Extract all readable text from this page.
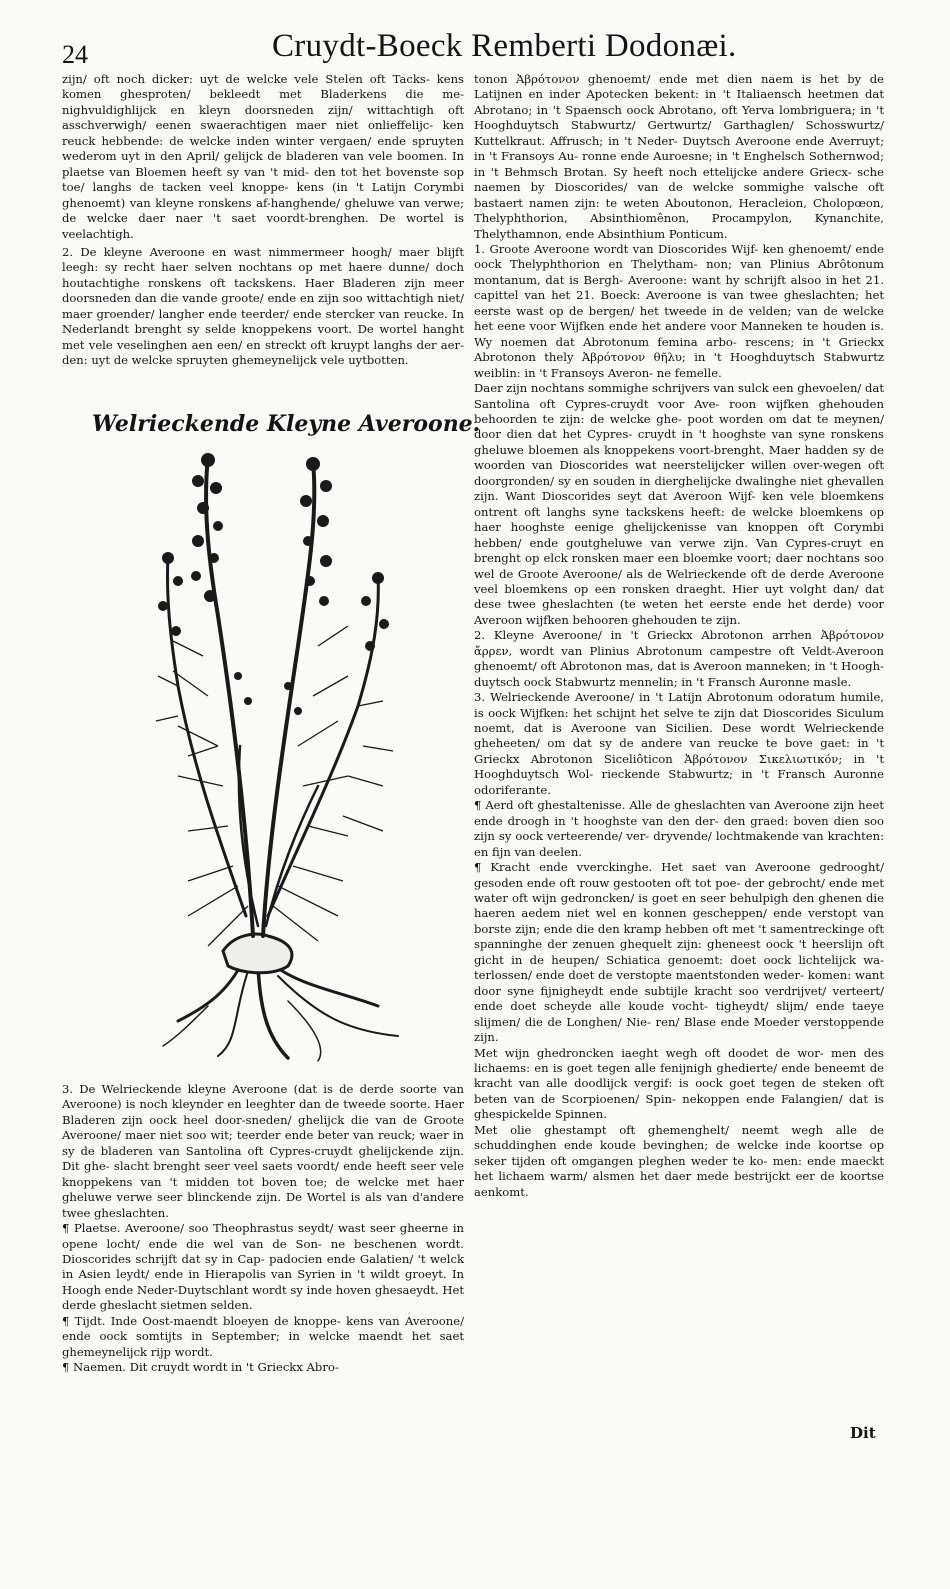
24	Cruydt-Boeck Remberti Dodonæi.

zijn/ oft noch dicker: uyt de welcke vele Stelen oft Tacks- kens komen ghesproten/ bekleedt met Bladerkens die me- nighvuldighlijck en kleyn doorsneden zijn/ wittachtigh oft asschverwigh/ eenen swaerachtigen maer niet onlieffelijc- ken reuck hebbende: de welcke inden winter vergaen/ ende spruyten wederom uyt in den April/ gelijck de bladeren van vele boomen. In plaetse van Bloemen heeft sy van 't mid- den tot het bovenste sop toe/ langhs de tacken veel knoppe- kens (in 't Latijn Corymbi ghenoemt) van kleyne ronskens af-hanghende/ gheluwe van verwe; de welcke daer naer 't saet voordt-brenghen. De wortel is veelachtigh.

2. De kleyne Averoone en wast nimmermeer hoogh/ maer blijft leegh: sy recht haer selven nochtans op met haere dunne/ doch houtachtighe ronskens oft tackskens. Haer Bladeren zijn meer doorsneden dan die vande groote/ ende en zijn soo wittachtigh niet/ maer groender/ langher ende teerder/ ende stercker van reucke. In Nederlandt brenght sy selde knoppekens voort. De wortel hanght met vele veselinghen aen een/ en streckt oft kruypt langhs der aer- den: uyt de welcke spruyten ghemeynelijck vele uytbotten.

Welrieckende Kleyne Averoone.

3. De Welrieckende kleyne Averoone (dat is de derde soorte van Averoone) is noch kleynder en leeghter dan de tweede soorte. Haer Bladeren zijn oock heel door-sneden/ ghelijck die van de Groote Averoone/ maer niet soo wit; teerder ende beter van reuck; waer in sy de bladeren van Santolina oft Cypres-cruydt ghelijckende zijn. Dit ghe- slacht brenght seer veel saets voordt/ ende heeft seer vele knoppekens van 't midden tot boven toe; de welcke met haer gheluwe verwe seer blinckende zijn. De Wortel is als van d'andere twee gheslachten.

¶ Plaetse. Averoone/ soo Theophrastus seydt/ wast seer gheerne in opene locht/ ende die wel van de Son- ne beschenen wordt. Dioscorides schrijft dat sy in Cap- padocien ende Galatien/ 't welck in Asien leydt/ ende in Hierapolis van Syrien in 't wildt groeyt. In Hoogh ende Neder-Duytschlant wordt sy inde hoven ghesaeydt. Het derde gheslacht sietmen selden.

¶ Tijdt. Inde Oost-maendt bloeyen de knoppe- kens van Averoone/ ende oock somtijts in September; in welcke maendt het saet ghemeynelijck rijp wordt.

¶ Naemen. Dit cruydt wordt in 't Grieckx Abro-

tonon Ἀβρότονον ghenoemt/ ende met dien naem is het by de Latijnen en inder Apotecken bekent: in 't Italiaensch heetmen dat Abrotano; in 't Spaensch oock Abrotano, oft Yerva lombriguera; in 't Hooghduytsch Stabwurtz/ Gertwurtz/ Garthaglen/ Schosswurtz/ Kuttelkraut. Affrusch; in 't Neder- Duytsch Averoone ende Averruyt; in 't Fransoys Au- ronne ende Auroesne; in 't Enghelsch Sothernwod; in 't Behmsch Brotan. Sy heeft noch ettelijcke andere Griecx- sche naemen by Dioscorides/ van de welcke sommighe valsche oft bastaert namen zijn: te weten Aboutonon, Heracleion, Cholopœon, Thelyphthorion, Absinthiomênon, Procampylon, Kynanchite, Thelythamnon, ende Absinthium Ponticum.

1. Groote Averoone wordt van Dioscorides Wijf- ken ghenoemt/ ende oock Thelyphthorion en Thelytham- non; van Plinius Abrôtonum montanum, dat is Bergh- Averoone: want hy schrijft alsoo in het 21. capittel van het 21. Boeck: Averoone is van twee gheslachten; het eerste wast op de bergen/ het tweede in de velden; van de welcke het eene voor Wijfken ende het andere voor Manneken te houden is. Wy noemen dat Abrotonum femina arbo- rescens; in 't Grieckx Abrotonon thely Ἀβρότονον θῆλυ; in 't Hooghduytsch Stabwurtz weiblin: in 't Fransoys Averon- ne femelle.

Daer zijn nochtans sommighe schrijvers van sulck een ghevoelen/ dat Santolina oft Cypres-cruydt voor Ave- roon wijfken ghehouden behoorden te zijn: de welcke ghe- poot worden om dat te meynen/ door dien dat het Cypres- cruydt in 't hooghste van syne ronskens gheluwe bloemen als knoppekens voort-brenght. Maer hadden sy de woorden van Dioscorides wat neerstelijcker willen over-wegen oft doorgronden/ sy en souden in dierghelijcke dwalinghe niet ghevallen zijn. Want Dioscorides seyt dat Averoon Wijf- ken vele bloemkens ontrent oft langhs syne tackskens heeft: de welcke bloemkens op haer hooghste eenige ghelijckenisse van knoppen oft Corymbi hebben/ ende goutgheluwe van verwe zijn. Van Cypres-cruyt en brenght op elck ronsken maer een bloemke voort; daer nochtans soo wel de Groote Averoone/ als de Welrieckende oft de derde Averoone veel bloemkens op een ronsken draeght. Hier uyt volght dan/ dat dese twee gheslachten (te weten het eerste ende het derde) voor Averoon wijfken behooren ghehouden te zijn.

2. Kleyne Averoone/ in 't Grieckx Abrotonon arrhen Ἀβρότονον ἄρρεν, wordt van Plinius Abrotonum campestre oft Veldt-Averoon ghenoemt/ oft Abrotonon mas, dat is Averoon manneken; in 't Hoogh-duytsch oock Stabwurtz mennelin; in 't Fransch Auronne masle.

3. Welrieckende Averoone/ in 't Latijn Abrotonum odoratum humile, is oock Wijfken: het schijnt het selve te zijn dat Dioscorides Siculum noemt, dat is Averoone van Sicilien. Dese wordt Welrieckende gheheeten/ om dat sy de andere van reucke te bove gaet: in 't Grieckx Abrotonon Siceliôticon Ἀβρότονον Σικελιωτικόν; in 't Hooghduytsch Wol- rieckende Stabwurtz; in 't Fransch Auronne odoriferante.

¶ Aerd oft ghestaltenisse. Alle de gheslachten van Averoone zijn heet ende droogh in 't hooghste van den der- den graed: boven dien soo zijn sy oock verteerende/ ver- dryvende/ lochtmakende van krachten: en fijn van deelen.

¶ Kracht ende vverckinghe. Het saet van Averoone gedrooght/ gesoden ende oft rouw gestooten oft tot poe- der gebrocht/ ende met water oft wijn gedroncken/ is goet en seer behulpigh den ghenen die haeren aedem niet wel en konnen gescheppen/ ende verstopt van borste zijn; ende die den kramp hebben oft met 't samentreckinge oft spanninghe der zenuen ghequelt zijn: gheneest oock 't heerslijn oft gicht in de heupen/ Schiatica genoemt: doet oock lichtelijck wa- terlossen/ ende doet de verstopte maentstonden weder- komen: want door syne fijnigheydt ende subtijle kracht soo verdrijvet/ verteert/ ende doet scheyde alle koude vocht- tigheydt/ slijm/ ende taeye slijmen/ die de Longhen/ Nie- ren/ Blase ende Moeder verstoppende zijn.

Met wijn ghedroncken iaeght wegh oft doodet de wor- men des lichaems: en is goet tegen alle fenijnigh ghedierte/ ende beneemt de kracht van alle doodlijck vergif: is oock goet tegen de steken oft beten van de Scorpioenen/ Spin- nekoppen ende Falangien/ dat is ghespickelde Spinnen.

Met olie ghestampt oft ghemenghelt/ neemt wegh alle de schuddinghen ende koude bevinghen; de welcke inde koortse op seker tijden oft omgangen pleghen weder te ko- men: ende maeckt het lichaem warm/ alsmen het daer mede bestrijckt eer de koortse aenkomt.

Dit
